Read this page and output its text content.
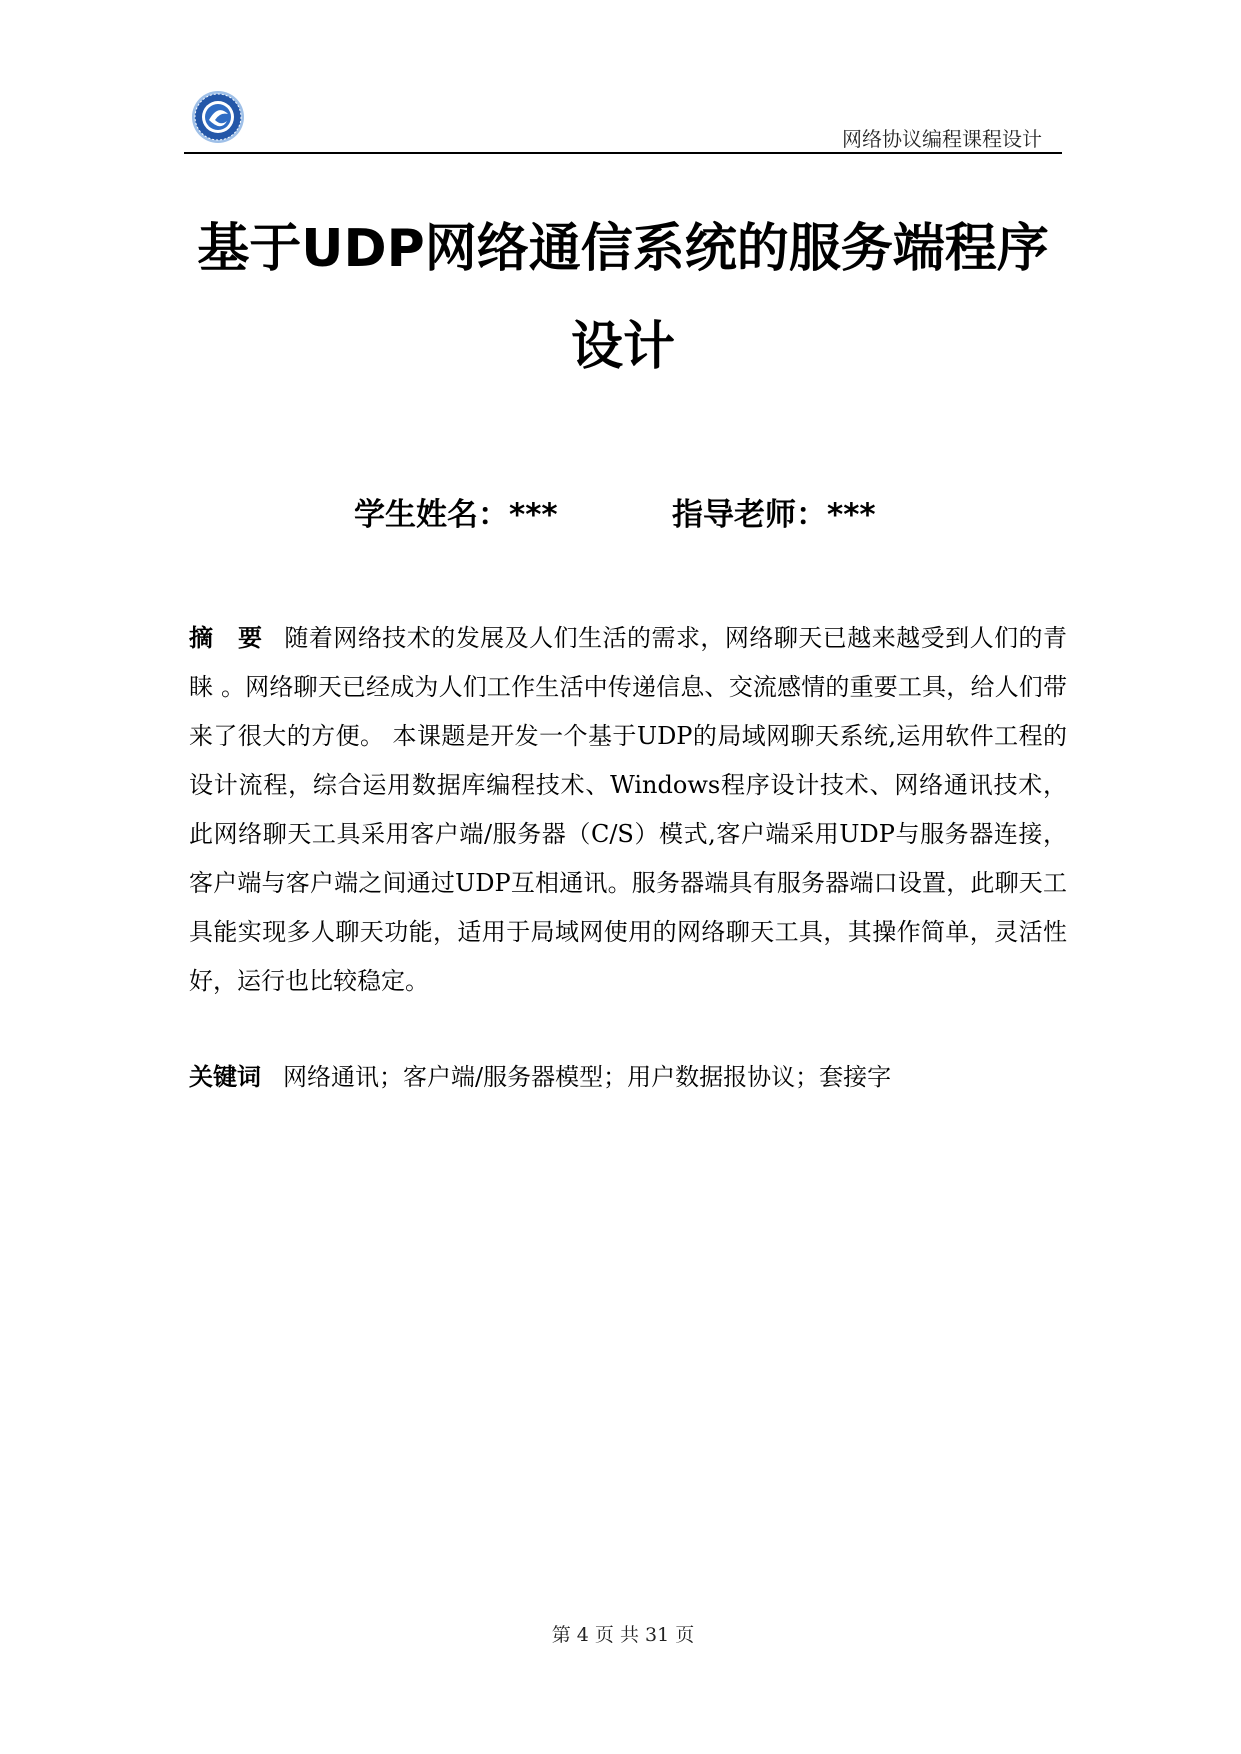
网络协议编程课程设计
基于UDP网络通信系统的服务端程序设计
学生姓名：***	指导老师：***
摘　要 随着网络技术的发展及人们生活的需求，网络聊天已越来越受到人们的青睐 。网络聊天已经成为人们工作生活中传递信息、交流感情的重要工具，给人们带来了很大的方便。 本课题是开发一个基于UDP的局域网聊天系统,运用软件工程的设计流程，综合运用数据库编程技术、Windows程序设计技术、网络通讯技术，此网络聊天工具采用客户端/服务器（C/S）模式,客户端采用UDP与服务器连接，客户端与客户端之间通过UDP互相通讯。服务器端具有服务器端口设置，此聊天工具能实现多人聊天功能，适用于局域网使用的网络聊天工具，其操作简单，灵活性好，运行也比较稳定。
关键词 网络通讯；客户端/服务器模型；用户数据报协议；套接字
第 4 页 共 31 页
